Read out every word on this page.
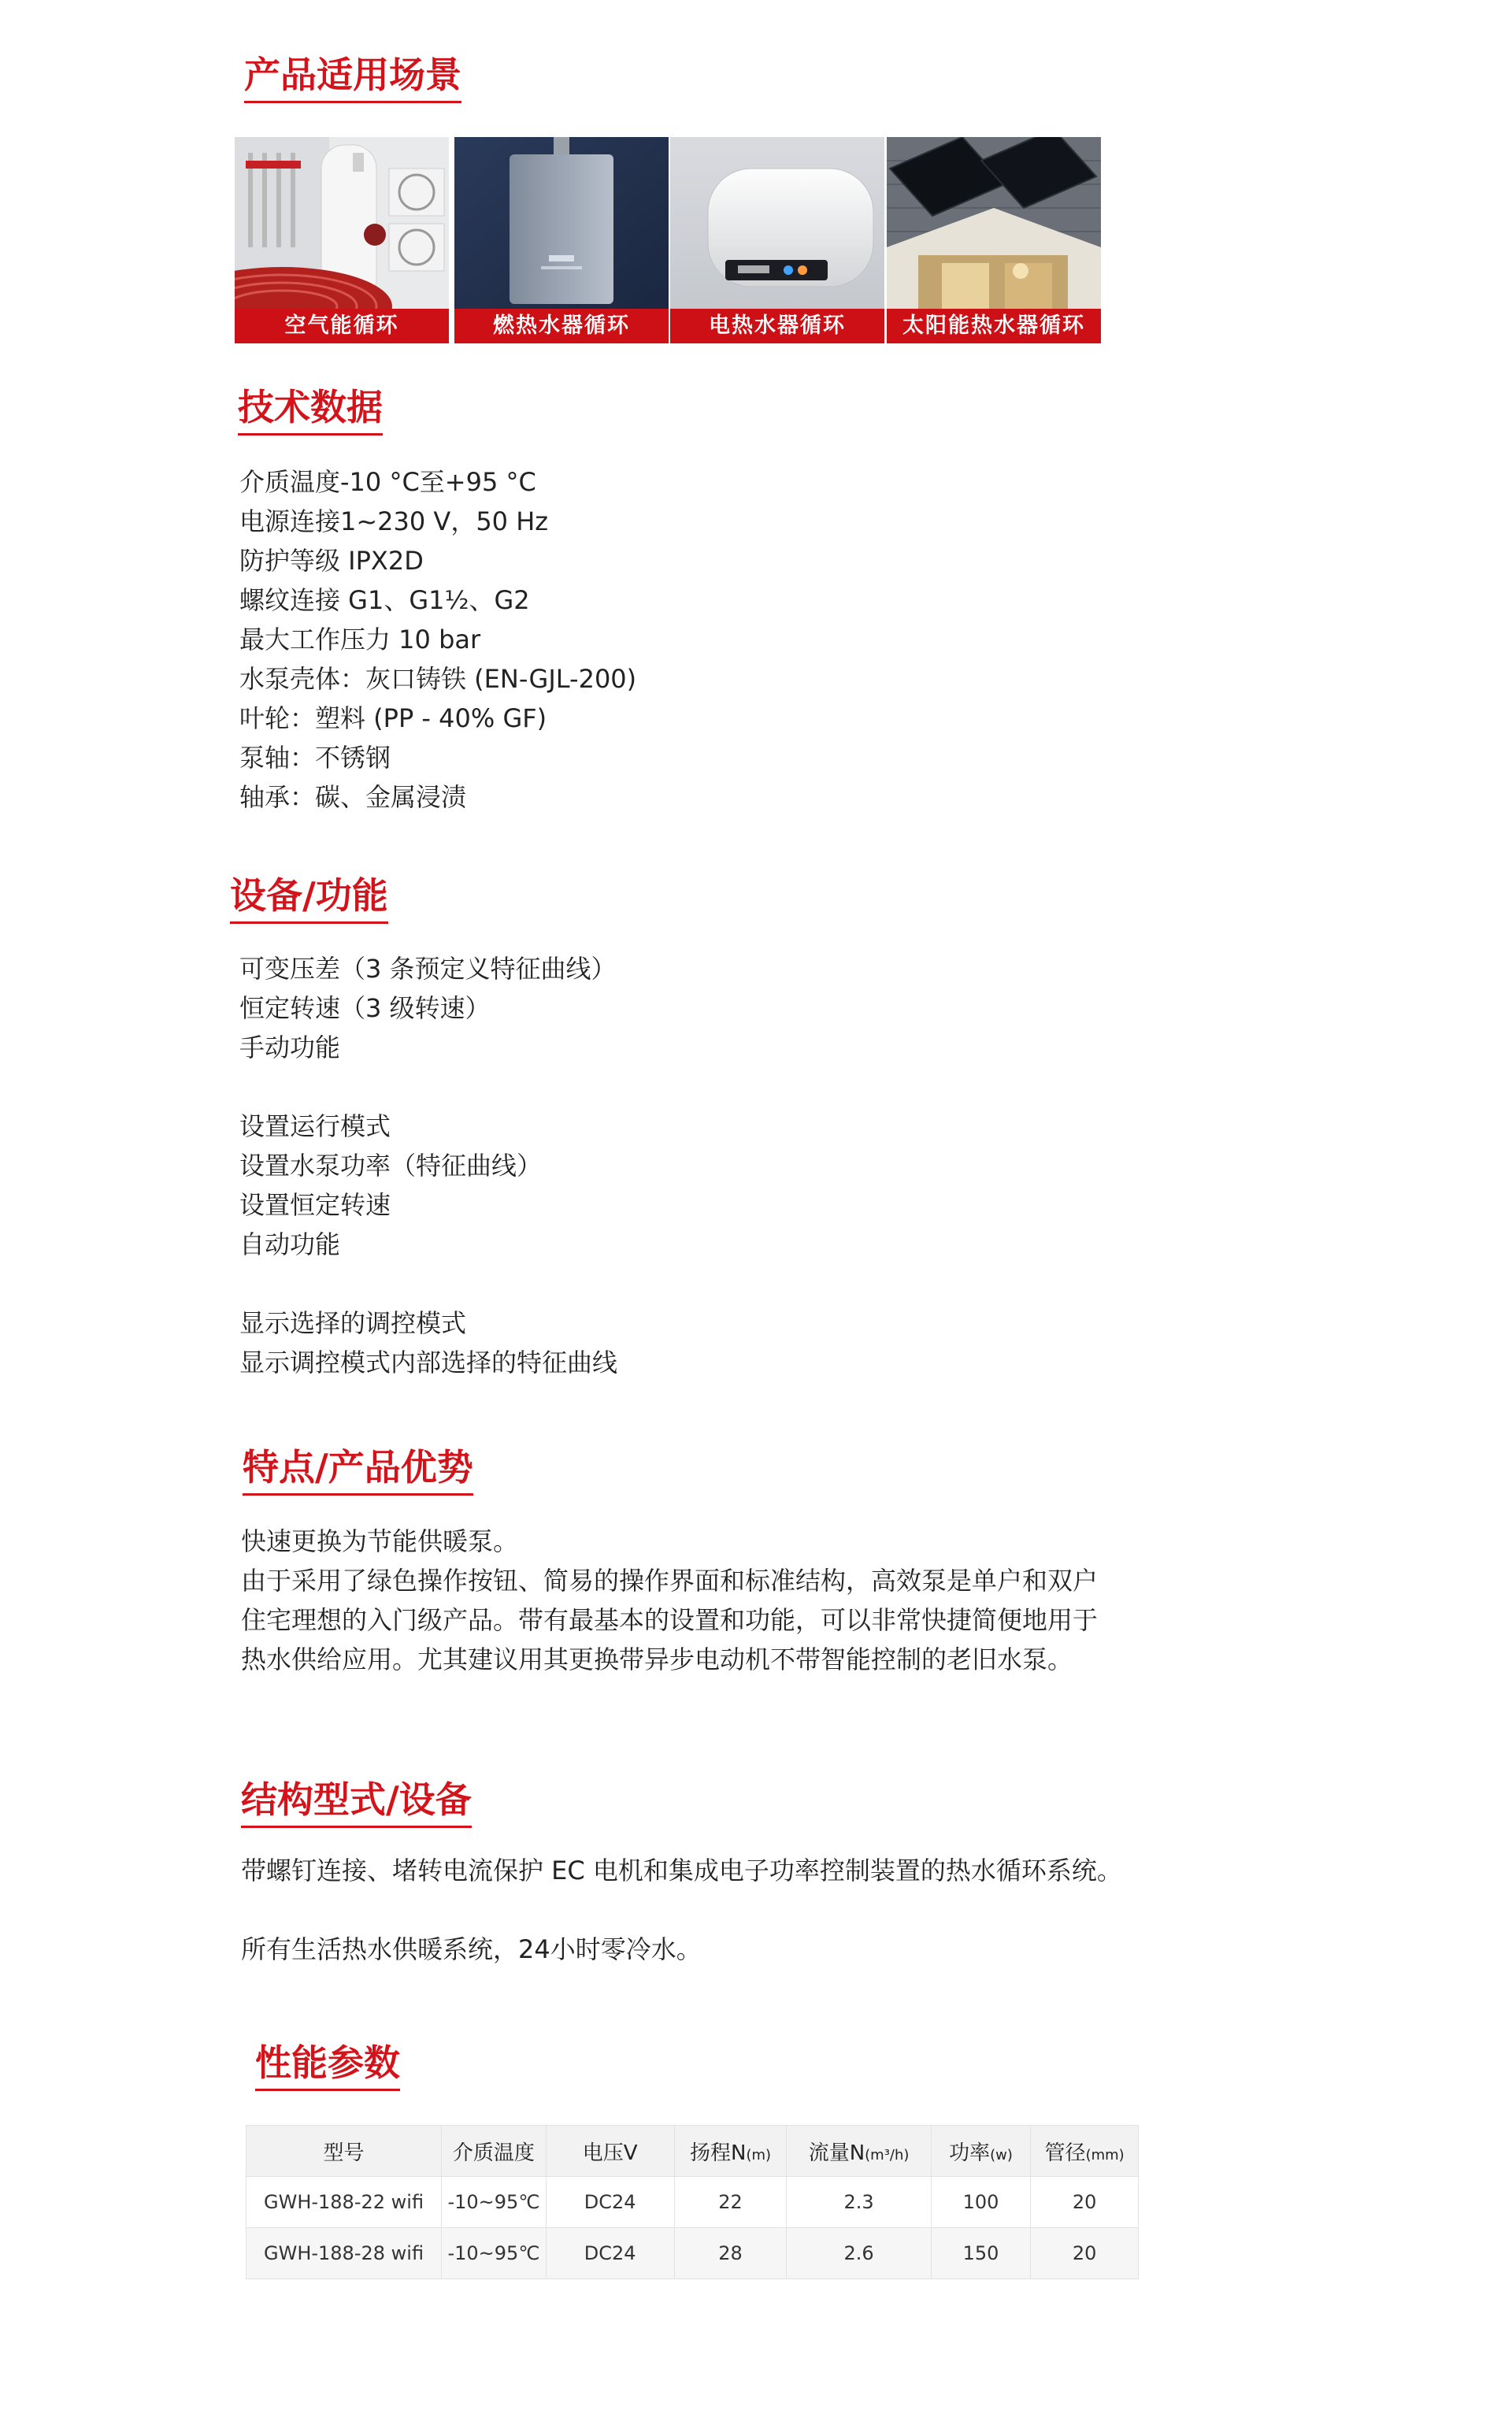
产品适用场景
空气能循环	燃热水器循环	电热水器循环	太阳能热水器循环
技术数据
介质温度-10 °C至+95 °C
电源连接1~230 V，50 Hz
防护等级 IPX2D
螺纹连接 G1、G1½、G2
最大工作压力 10 bar
水泵壳体：灰口铸铁 (EN-GJL-200)
叶轮：塑料 (PP - 40% GF)
泵轴：不锈钢
轴承：碳、金属浸渍
设备/功能
可变压差（3 条预定义特征曲线）
恒定转速（3 级转速）
手动功能
设置运行模式
设置水泵功率（特征曲线）
设置恒定转速
自动功能
显示选择的调控模式
显示调控模式内部选择的特征曲线
特点/产品优势
快速更换为节能供暖泵。
由于采用了绿色操作按钮、简易的操作界面和标准结构，高效泵是单户和双户
住宅理想的入门级产品。带有最基本的设置和功能，可以非常快捷简便地用于
热水供给应用。尤其建议用其更换带异步电动机不带智能控制的老旧水泵。
结构型式/设备
带螺钉连接、堵转电流保护 EC 电机和集成电子功率控制装置的热水循环系统。
所有生活热水供暖系统，24小时零冷水。
性能参数
型号	介质温度	电压V	扬程N(m)	流量N(m³/h)	功率(w)	管径(mm)
GWH-188-22 wifi	-10~95℃	DC24	22	2.3	100	20
GWH-188-28 wifi	-10~95℃	DC24	28	2.6	150	20
